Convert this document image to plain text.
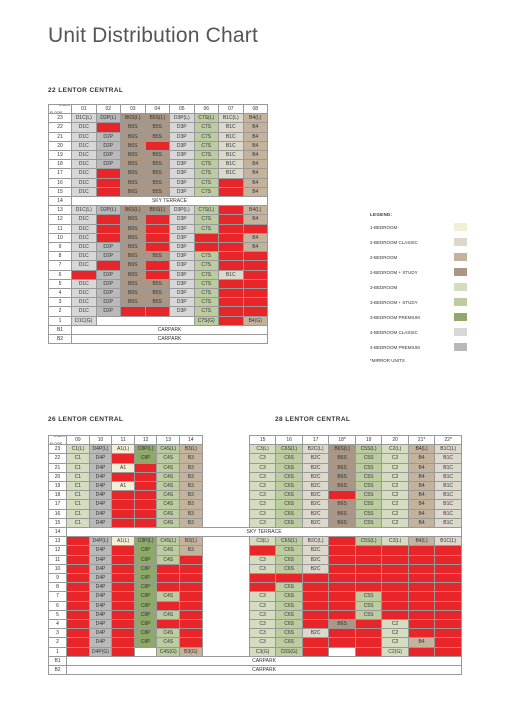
Unit Distribution Chart
22 LENTOR CENTRAL
STACK
FLOOR	01	02	03	04	05	06	07	08
23	D1C(L)	D2P(L)	B6S(L)	B5S(L)	D3P(L)	C7S(L)	B1C(L)	B4(L)
22	D1C	D2P	B6S	B5S	D3P	C7S	B1C	B4
21	D1C	D2P	B6S	B5S	D3P	C7S	B1C	B4
20	D1C	D2P	B6S	B5S	D3P	C7S	B1C	B4
19	D1C	D2P	B6S	B5S	D3P	C7S	B1C	B4
18	D1C	D2P	B6S	B5S	D3P	C7S	B1C	B4
17	D1C	D2P	B6S	B5S	D3P	C7S	B1C	B4
16	D1C	D2P	B6S	B5S	D3P	C7S	B1C	B4
15	D1C	D2P	B6S	B5S	D3P	C7S	B1C	B4
14	SKY TERRACE							
13	D1C(L)	D2P(L)	B6S(L)	B5S(L)	D3P(L)	C7S(L)	B1C(L)	B4(L)
12	D1C	D2P	B6S	B5S	D3P	C7S	B1C	B4
11	D1C	D2P	B6S	B5S	D3P	C7S	B1C	B4
10	D1C	D2P	B6S	B5S	D3P	C7S	B1C	B4
9	D1C	D2P	B6S	B5S	D3P	C7S	B1C	B4
8	D1C	D2P	B6S	B5S	D3P	C7S	B1C	B4
7	D1C	D2P	B6S	B5S	D3P	C7S	B1C	B4
6	D1C	D2P	B6S	B5S	D3P	C7S	B1C	B4
5	D1C	D2P	B6S	B5S	D3P	C7S	B1C	B4
4	D1C	D2P	B6S	B5S	D3P	C7S	B1C	B4
3	D1C	D2P	B6S	B5S	D3P	C7S	B1C	B4
2	D1C	D2P	B6S	B5S	D3P	C7S	B1C	B4
1	D1C(G)					C7S(G)		B4(G)
B1	CARPARK							
B2	CARPARK							
26 LENTOR CENTRAL
STACK
FLOOR	09	10	11	12	13	14		15	16	17	18*	19	20	21*	22*
23	C1(L)	D4P(L)	A1(L)	C8P(L)	C4S(L)	B3(L)		C3(L)	C6S(L)	B2C(L)	B6S(L)	C5S(L)	C2(L)	B4(L)	B1C(L)
22	C1	D4P	A1	C8P	C4S	B3		C3	C6S	B2C	B6S	C5S	C2	B4	B1C
21	C1	D4P	A1	C8P	C4S	B3		C3	C6S	B2C	B6S	C5S	C2	B4	B1C
20	C1	D4P	A1	C8P	C4S	B3		C3	C6S	B2C	B6S	C5S	C2	B4	B1C
19	C1	D4P	A1	C8P	C4S	B3		C3	C6S	B2C	B6S	C5S	C2	B4	B1C
18	C1	D4P	A1	C8P	C4S	B3		C3	C6S	B2C	B6S	C5S	C2	B4	B1C
17	C1	D4P	A1	C8P	C4S	B3		C3	C6S	B2C	B6S	C5S	C2	B4	B1C
16	C1	D4P	A1	C8P	C4S	B3		C3	C6S	B2C	B6S	C5S	C2	B4	B1C
15	C1	D4P	A1	C8P	C4S	B3		C3	C6S	B2C	B6S	C5S	C2	B4	B1C
14	SKY TERRACE														
13	C1(L)	D4P(L)	A1(L)	C8P(L)	C4S(L)	B3(L)		C3(L)	C6S(L)	B2C(L)	B6S(L)	C5S(L)	C2(L)	B4(L)	B1C(L)
12	C1	D4P	A1	C8P	C4S	B3		C3	C6S	B2C	B6S	C5S	C2	B4	B1C
11	C1	D4P	A1	C8P	C4S	B3		C3	C6S	B2C	B6S	C5S	C2	B4	B1C
10	C1	D4P	A1	C8P	C4S	B3		C3	C6S	B2C	B6S	C5S	C2	B4	B1C
9	C1	D4P	A1	C8P	C4S	B3		C3	C6S	B2C	B6S	C5S	C2	B4	B1C
8	C1	D4P	A1	C8P	C4S	B3		C3	C6S	B2C	B6S	C5S	C2	B4	B1C
7	C1	D4P	A1	C8P	C4S	B3		C3	C6S	B2C	B6S	C5S	C2	B4	B1C
6	C1	D4P	A1	C8P	C4S	B3		C3	C6S	B2C	B6S	C5S	C2	B4	B1C
5	C1	D4P	A1	C8P	C4S	B3		C3	C6S	B2C	B6S	C5S	C2	B4	B1C
4	C1	D4P	A1	C8P	C4S	B3		C3	C6S	B2C	B6S	C5S	C2	B4	B1C
3	C1	D4P	A1	C8P	C4S	B3		C3	C6S	B2C	B6S	C5S	C2	B4	B1C
2	C1	D4P	A1	C8P	C4S	B3		C3	C6S	B2C	B6S	C5S	C2	B4	B1C
1		D4P(G)	A1(G)		C4S(G)	B3(G)		C3(G)	C6S(G)				C2(G)		
B1	CARPARK														
B2	CARPARK														
28 LENTOR CENTRAL
LEGEND:
1-BEDROOM
2-BEDROOM CLASSIC
2-BEDROOM
2-BEDROOM + STUDY
3-BEDROOM
3-BEDROOM + STUDY
3-BEDROOM PREMIUM
4-BEDROOM CLASSIC
4-BEDROOM PREMIUM
*MIRROR UNITS
